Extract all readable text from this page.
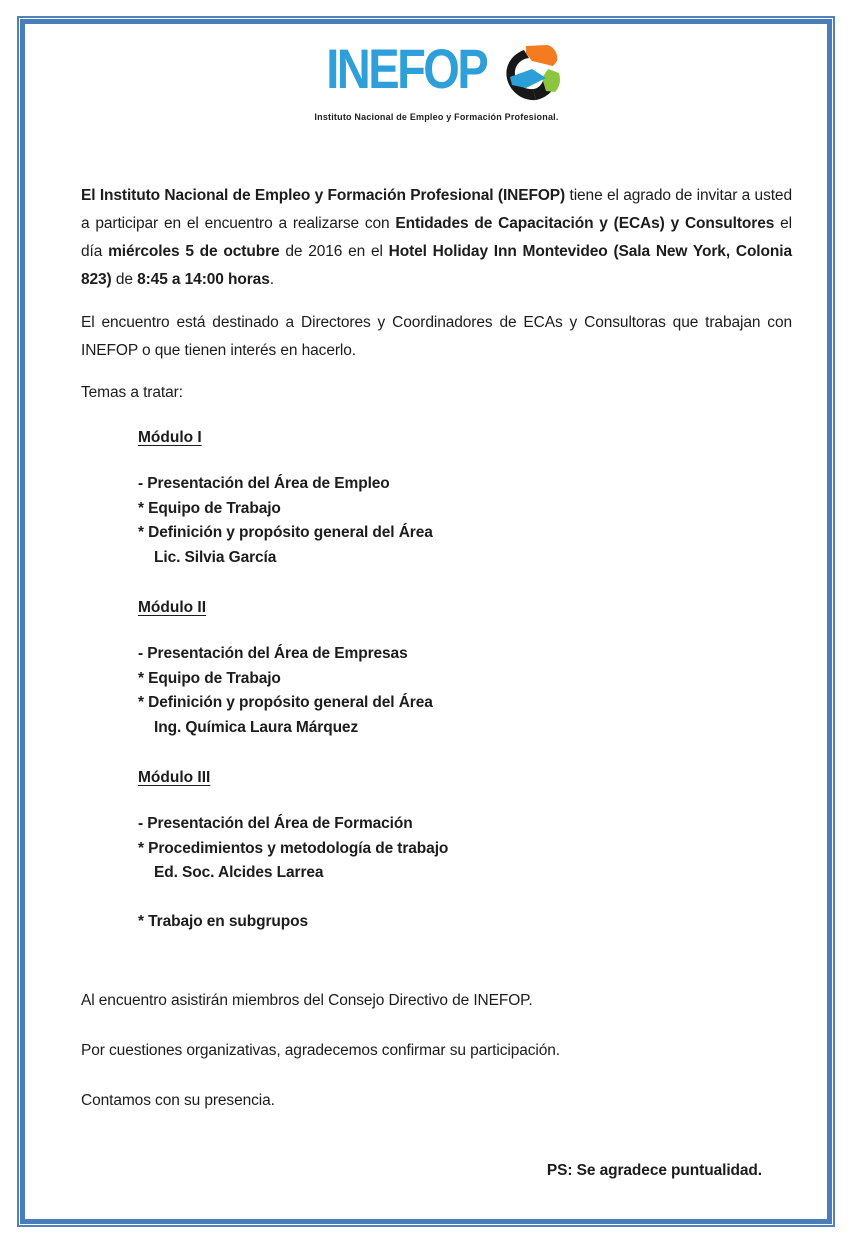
INEFOP
Instituto Nacional de Empleo y Formación Profesional.

El Instituto Nacional de Empleo y Formación Profesional (INEFOP) tiene el agrado de invitar a usted a participar en el encuentro a realizarse con Entidades de Capacitación y (ECAs) y Consultores el día miércoles 5 de octubre de 2016 en el Hotel Holiday Inn Montevideo (Sala New York, Colonia 823) de 8:45 a 14:00 horas.

El encuentro está destinado a Directores y Coordinadores de ECAs y Consultoras que trabajan con INEFOP o que tienen interés en hacerlo.

Temas a tratar:

Módulo I
- Presentación del Área de Empleo
* Equipo de Trabajo
* Definición y propósito general del Área
Lic. Silvia García
Módulo II
- Presentación del Área de Empresas
* Equipo de Trabajo
* Definición y propósito general del Área
Ing. Química Laura Márquez
Módulo III
- Presentación del Área de Formación
* Procedimientos y metodología de trabajo
Ed. Soc. Alcides Larrea
* Trabajo en subgrupos

Al encuentro asistirán miembros del Consejo Directivo de INEFOP.

Por cuestiones organizativas, agradecemos confirmar su participación.

Contamos con su presencia.

PS: Se agradece puntualidad.
